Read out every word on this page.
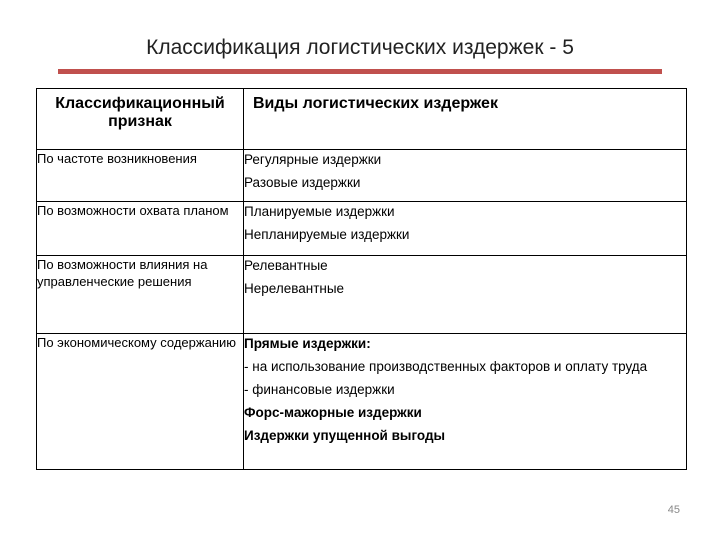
Классификация логистических издержек - 5
Классификационный признак	Виды логистических издержек
По частоте возникновения	Регулярные издержки
Разовые издержки

По возможности охвата планом	Планируемые издержки
Непланируемые издержки

По возможности влияния на управленческие решения	Релевантные
Нерелевантные

По экономическому содержанию	Прямые издержки:
- на использование производственных факторов и оплату труда
- финансовые издержки
Форс-мажорные издержки
Издержки упущенной выгоды
45
